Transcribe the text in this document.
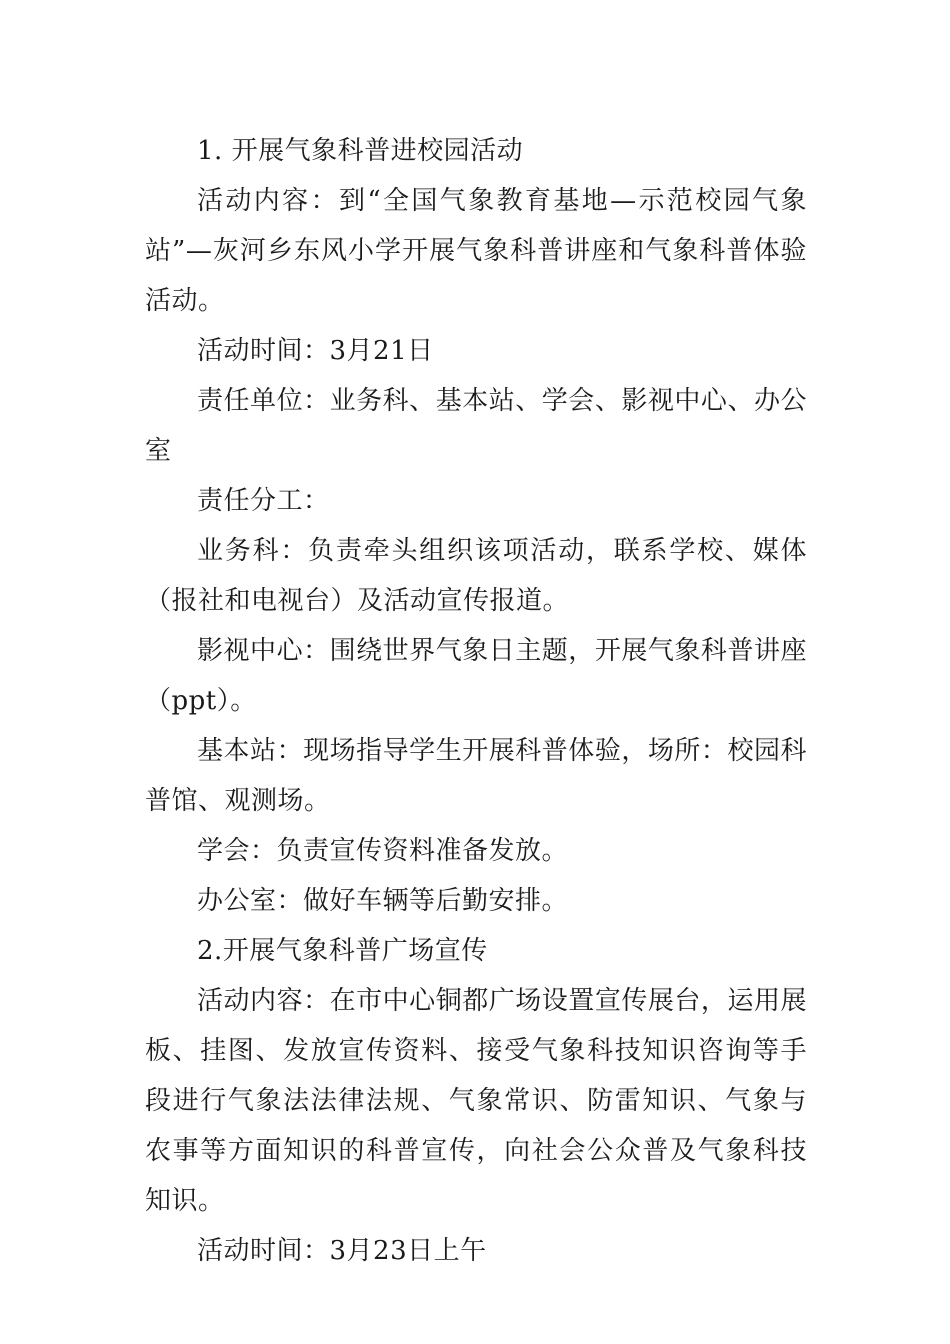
1. 开展气象科普进校园活动

活动内容：到“全国气象教育基地—示范校园气象站”—灰河乡东风小学开展气象科普讲座和气象科普体验活动。

活动时间：3月21日

责任单位：业务科、基本站、学会、影视中心、办公室

责任分工：

业务科：负责牵头组织该项活动，联系学校、媒体（报社和电视台）及活动宣传报道。

影视中心：围绕世界气象日主题，开展气象科普讲座（ppt）。

基本站：现场指导学生开展科普体验，场所：校园科普馆、观测场。

学会：负责宣传资料准备发放。

办公室：做好车辆等后勤安排。

2.开展气象科普广场宣传

活动内容：在市中心铜都广场设置宣传展台，运用展板、挂图、发放宣传资料、接受气象科技知识咨询等手段进行气象法法律法规、气象常识、防雷知识、气象与农事等方面知识的科普宣传，向社会公众普及气象科技知识。

活动时间：3月23日上午
